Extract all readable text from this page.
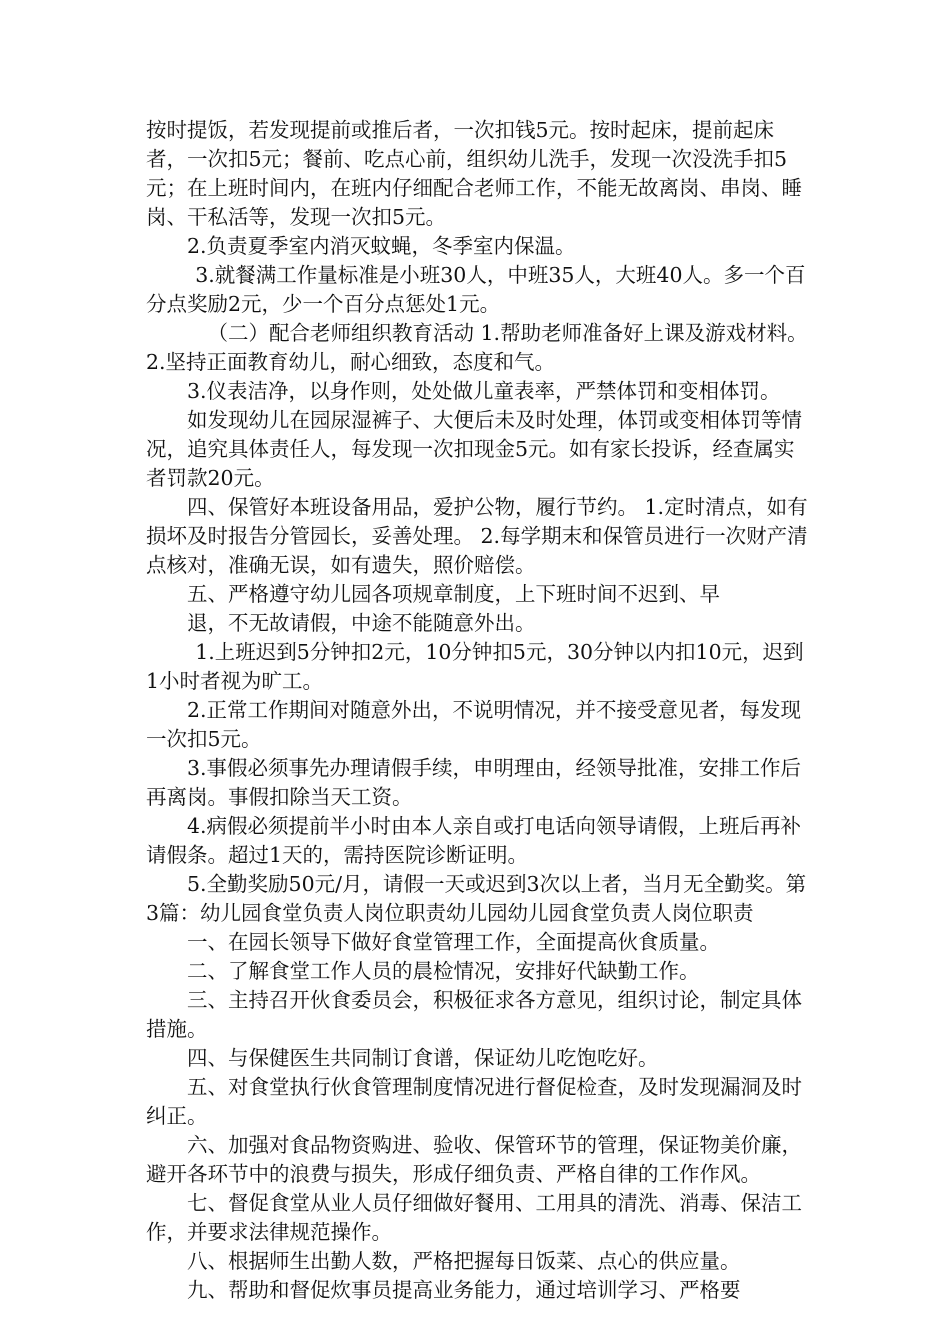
按时提饭，若发现提前或推后者，一次扣钱5元。按时起床，提前起床者，一次扣5元；餐前、吃点心前，组织幼儿洗手，发现一次没洗手扣5元；在上班时间内，在班内仔细配合老师工作，不能无故离岗、串岗、睡岗、干私活等，发现一次扣5元。

2.负责夏季室内消灭蚊蝇，冬季室内保温。

3.就餐满工作量标准是小班30人，中班35人，大班40人。多一个百分点奖励2元，少一个百分点惩处1元。

（二）配合老师组织教育活动 1.帮助老师准备好上课及游戏材料。 2.坚持正面教育幼儿，耐心细致，态度和气。

3.仪表洁净，以身作则，处处做儿童表率，严禁体罚和变相体罚。

如发现幼儿在园尿湿裤子、大便后未及时处理，体罚或变相体罚等情况，追究具体责任人，每发现一次扣现金5元。如有家长投诉，经查属实者罚款20元。

四、保管好本班设备用品，爱护公物，履行节约。 1.定时清点，如有损坏及时报告分管园长，妥善处理。 2.每学期末和保管员进行一次财产清点核对，准确无误，如有遗失，照价赔偿。

五、严格遵守幼儿园各项规章制度，上下班时间不迟到、早

退，不无故请假，中途不能随意外出。

1.上班迟到5分钟扣2元，10分钟扣5元，30分钟以内扣10元，迟到1小时者视为旷工。

2.正常工作期间对随意外出，不说明情况，并不接受意见者，每发现一次扣5元。

3.事假必须事先办理请假手续，申明理由，经领导批准，安排工作后再离岗。事假扣除当天工资。

4.病假必须提前半小时由本人亲自或打电话向领导请假，上班后再补请假条。超过1天的，需持医院诊断证明。

5.全勤奖励50元/月，请假一天或迟到3次以上者，当月无全勤奖。第3篇：幼儿园食堂负责人岗位职责幼儿园幼儿园食堂负责人岗位职责

一、在园长领导下做好食堂管理工作，全面提高伙食质量。

二、了解食堂工作人员的晨检情况，安排好代缺勤工作。

三、主持召开伙食委员会，积极征求各方意见，组织讨论，制定具体措施。

四、与保健医生共同制订食谱，保证幼儿吃饱吃好。

五、对食堂执行伙食管理制度情况进行督促检查，及时发现漏洞及时纠正。

六、加强对食品物资购进、验收、保管环节的管理，保证物美价廉，避开各环节中的浪费与损失，形成仔细负责、严格自律的工作作风。

七、督促食堂从业人员仔细做好餐用、工用具的清洗、消毒、保洁工作，并要求法律规范操作。

八、根据师生出勤人数，严格把握每日饭菜、点心的供应量。

九、帮助和督促炊事员提高业务能力，通过培训学习、严格要
